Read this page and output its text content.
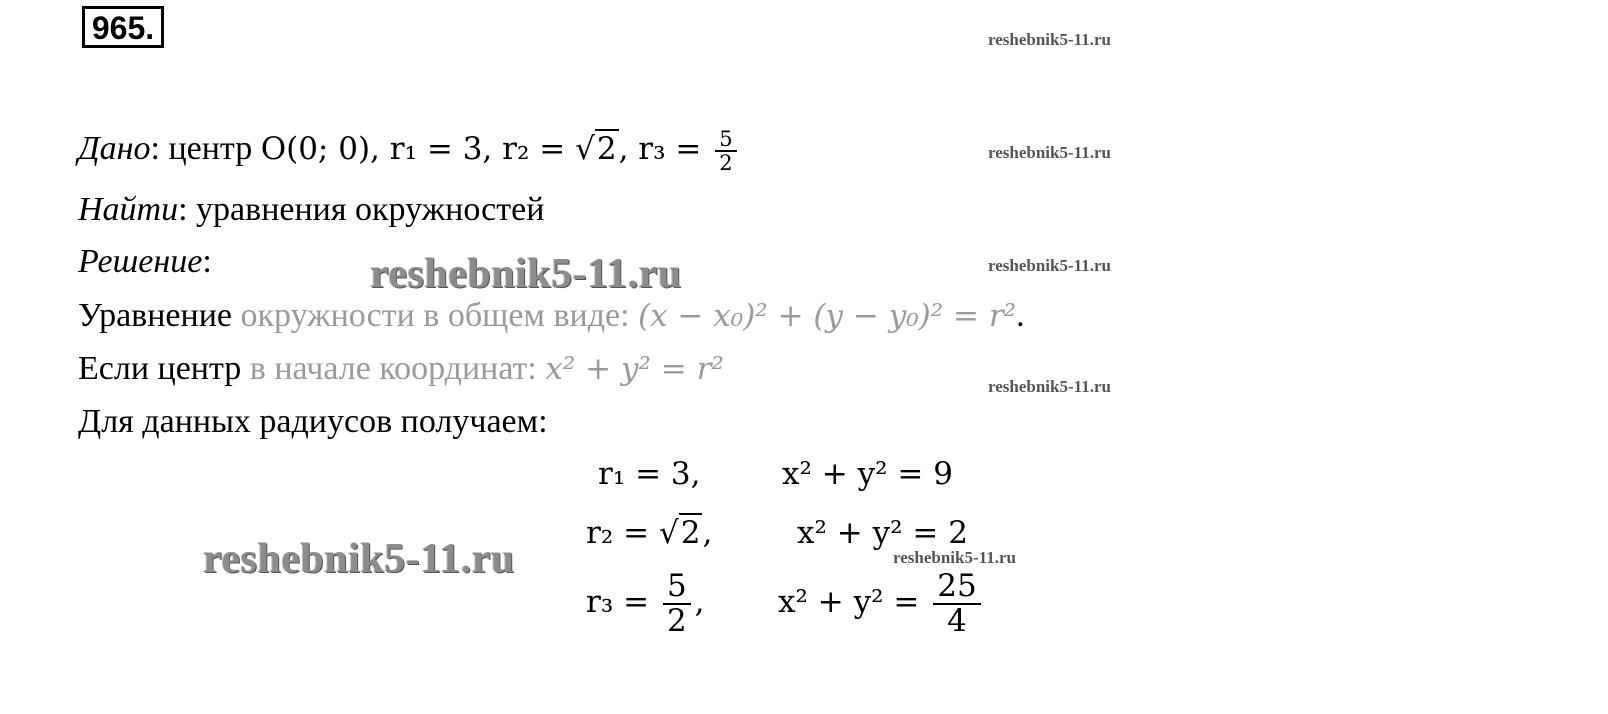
965.	reshebnik5-11.ru
reshebnik5-11.ru
reshebnik5-11.ru
reshebnik5-11.ru
reshebnik5-11.ru
reshebnik5-11.ru
reshebnik5-11.ru
Дано: центр O(0; 0), r₁ = 3, r₂ = √2, $r_3 = \frac{5}{2}$
Найти: уравнения окружностей
Решение:
Уравнение окружности в общем виде: (x − x₀)² + (y − y₀)² = r².
Если центр в начале координат: x² + y² = r²
Для данных радиусов получаем:
r₁ = 3,	x² + y² = 9
r₂ = √2,	x² + y² = 2
$r_3 = \frac{5}{2}$ , $x^2 + y^2 = \frac{25}{4}$
